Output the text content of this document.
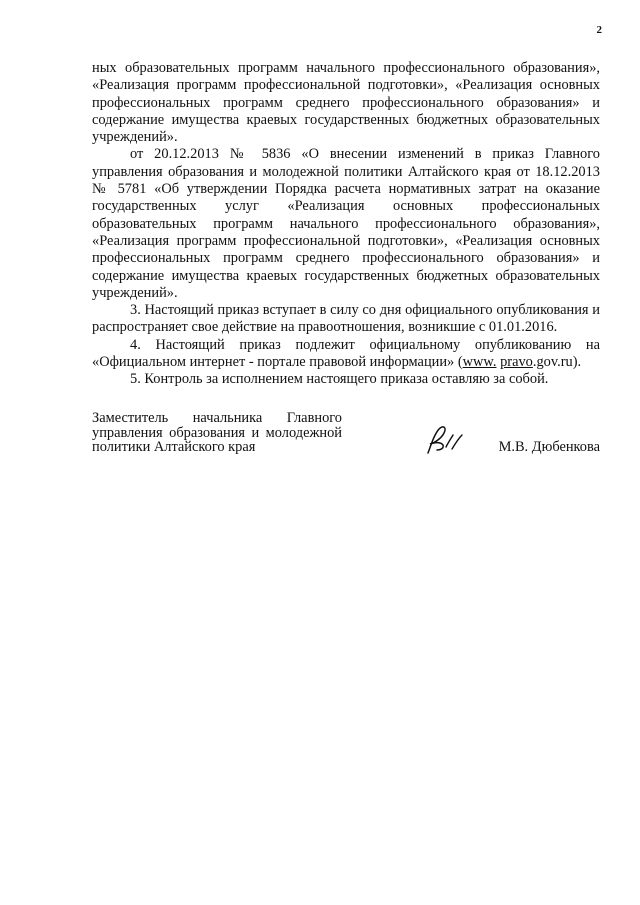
2

ных образовательных программ начального профессионального образования», «Реализация программ профессиональной подготовки», «Реализация основных профессиональных программ среднего профессионального образования» и содержание имущества краевых государственных бюджетных образовательных учреждений».

от 20.12.2013 № 5836 «О внесении изменений в приказ Главного управления образования и молодежной политики Алтайского края от 18.12.2013 № 5781 «Об утверждении Порядка расчета нормативных затрат на оказание государственных услуг «Реализация основных профессиональных образовательных программ начального профессионального образования», «Реализация программ профессиональной подготовки», «Реализация основных профессиональных программ среднего профессионального образования» и содержание имущества краевых государственных бюджетных образовательных учреждений».

3. Настоящий приказ вступает в силу со дня официального опубликования и распространяет свое действие на правоотношения, возникшие с 01.01.2016.

4. Настоящий приказ подлежит официальному опубликованию на «Официальном интернет - портале правовой информации» (www. pravo.gov.ru).

5. Контроль за исполнением настоящего приказа оставляю за собой.

Заместитель начальника Главного
управления образования и молодежной
политики Алтайского края	М.В. Дюбенкова
